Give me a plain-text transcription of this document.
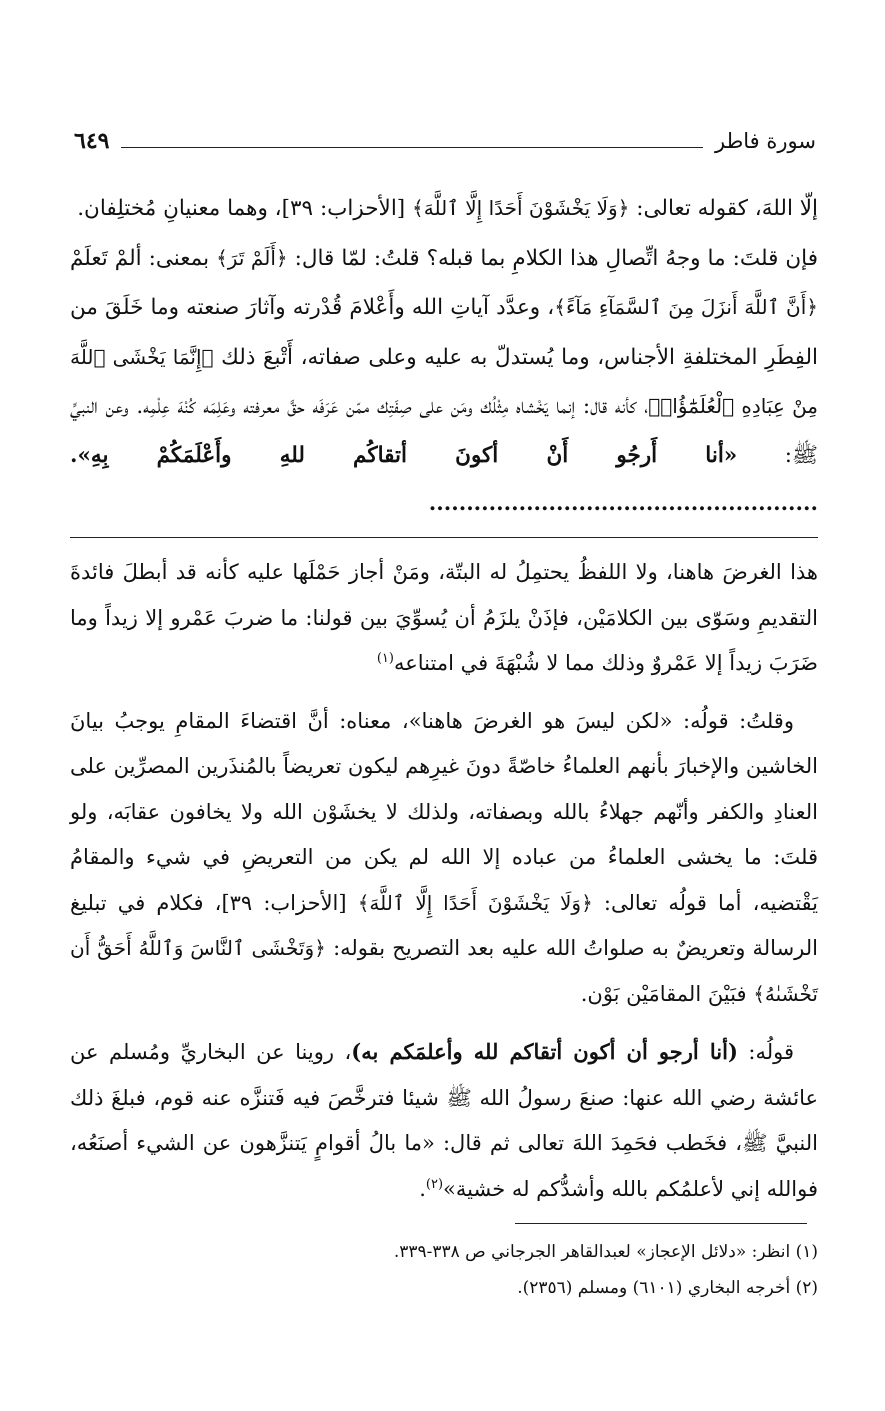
سورة فاطر
٦٤٩

إلّا اللهَ، كقوله تعالى: ﴿وَلَا يَخْشَوْنَ أَحَدًا إِلَّا ٱللَّهَ﴾ [الأحزاب: ٣٩]، وهما معنيانِ مُختلِفان.

فإن قلتَ: ما وجهُ اتِّصالِ هذا الكلامِ بما قبله؟ قلتُ: لمّا قال: ﴿أَلَمْ تَرَ﴾ بمعنى: ألمْ تَعلَمْ ﴿أَنَّ ٱللَّهَ أَنزَلَ مِنَ ٱلسَّمَآءِ مَآءً﴾، وعدَّد آياتِ الله وأَعْلامَ قُدْرته وآثارَ صنعته وما خَلَقَ من الفِطَرِ المختلفةِ الأجناس، وما يُستدلّ به عليه وعلى صفاته، أَتْبعَ ذلك ﴿إِنَّمَا يَخْشَى ٱللَّهَ مِنْ عِبَادِهِ ٱلْعُلَمَٰٓؤُا۟﴾، كأنه قال: إنما يَخْشاه مِثْلُك ومَن على صِفَتِك ممّن عَرَفَه حقَّ معرفته وعَلِمَه كُنْهَ عِلْمِه. وعن النبيِّ ﷺ: «أنا أَرجُو أَنْ أكونَ أتقاكُم للهِ وأَعْلَمَكُمْ بِهِ». ....................................................

هذا الغرضَ هاهنا، ولا اللفظُ يحتمِلُ له البتّة، ومَنْ أجاز حَمْلَها عليه كأنه قد أبطلَ فائدةَ التقديمِ وسَوّى بين الكلامَيْن، فإذَنْ يلزَمُ أن يُسوِّيَ بين قولنا: ما ضربَ عَمْرو إلا زيداً وما ضَرَبَ زيداً إلا عَمْروٌ وذلك مما لا شُبْهَةَ في امتناعه$^{(١)}$

وقلتُ: قولُه: «لكن ليسَ هو الغرضَ هاهنا»، معناه: أنَّ اقتضاءَ المقامِ يوجبُ بيانَ الخاشين والإخبارَ بأنهم العلماءُ خاصّةً دونَ غيرِهم ليكون تعريضاً بالمُنذَرين المصرِّين على العنادِ والكفر وأنّهم جهلاءُ بالله وبصفاته، ولذلك لا يخشَوْن الله ولا يخافون عقابَه، ولو قلتَ: ما يخشى العلماءُ من عباده إلا الله لم يكن من التعريضِ في شيء والمقامُ يَقْتضيه، أما قولُه تعالى: ﴿وَلَا يَخْشَوْنَ أَحَدًا إِلَّا ٱللَّهَ﴾ [الأحزاب: ٣٩]، فكلام في تبليغ الرسالة وتعريضٌ به صلواتُ الله عليه بعد التصريح بقوله: ﴿وَتَخْشَى ٱلنَّاسَ وَٱللَّهُ أَحَقُّ أَن تَخْشَىٰهُ﴾ فبَيْنَ المقامَيْن بَوْن.

قولُه: (أنا أرجو أن أكون أتقاكم لله وأعلمَكم به)، روينا عن البخاريِّ ومُسلم عن عائشة رضي الله عنها: صنعَ رسولُ الله ﷺ شيئا فترخَّصَ فيه فَتنزَّه عنه قوم، فبلغَ ذلك النبيَّ ﷺ، فخَطب فحَمِدَ اللهَ تعالى ثم قال: «ما بالُ أقوامٍ يَتنزَّهون عن الشيء أصنَعُه، فوالله إني لأعلمُكم بالله وأشدُّكم له خشية»$^{(٢)}$.

(١) انظر: «دلائل الإعجاز» لعبدالقاهر الجرجاني ص ٣٣٨-٣٣٩.
(٢) أخرجه البخاري (٦١٠١) ومسلم (٢٣٥٦).
